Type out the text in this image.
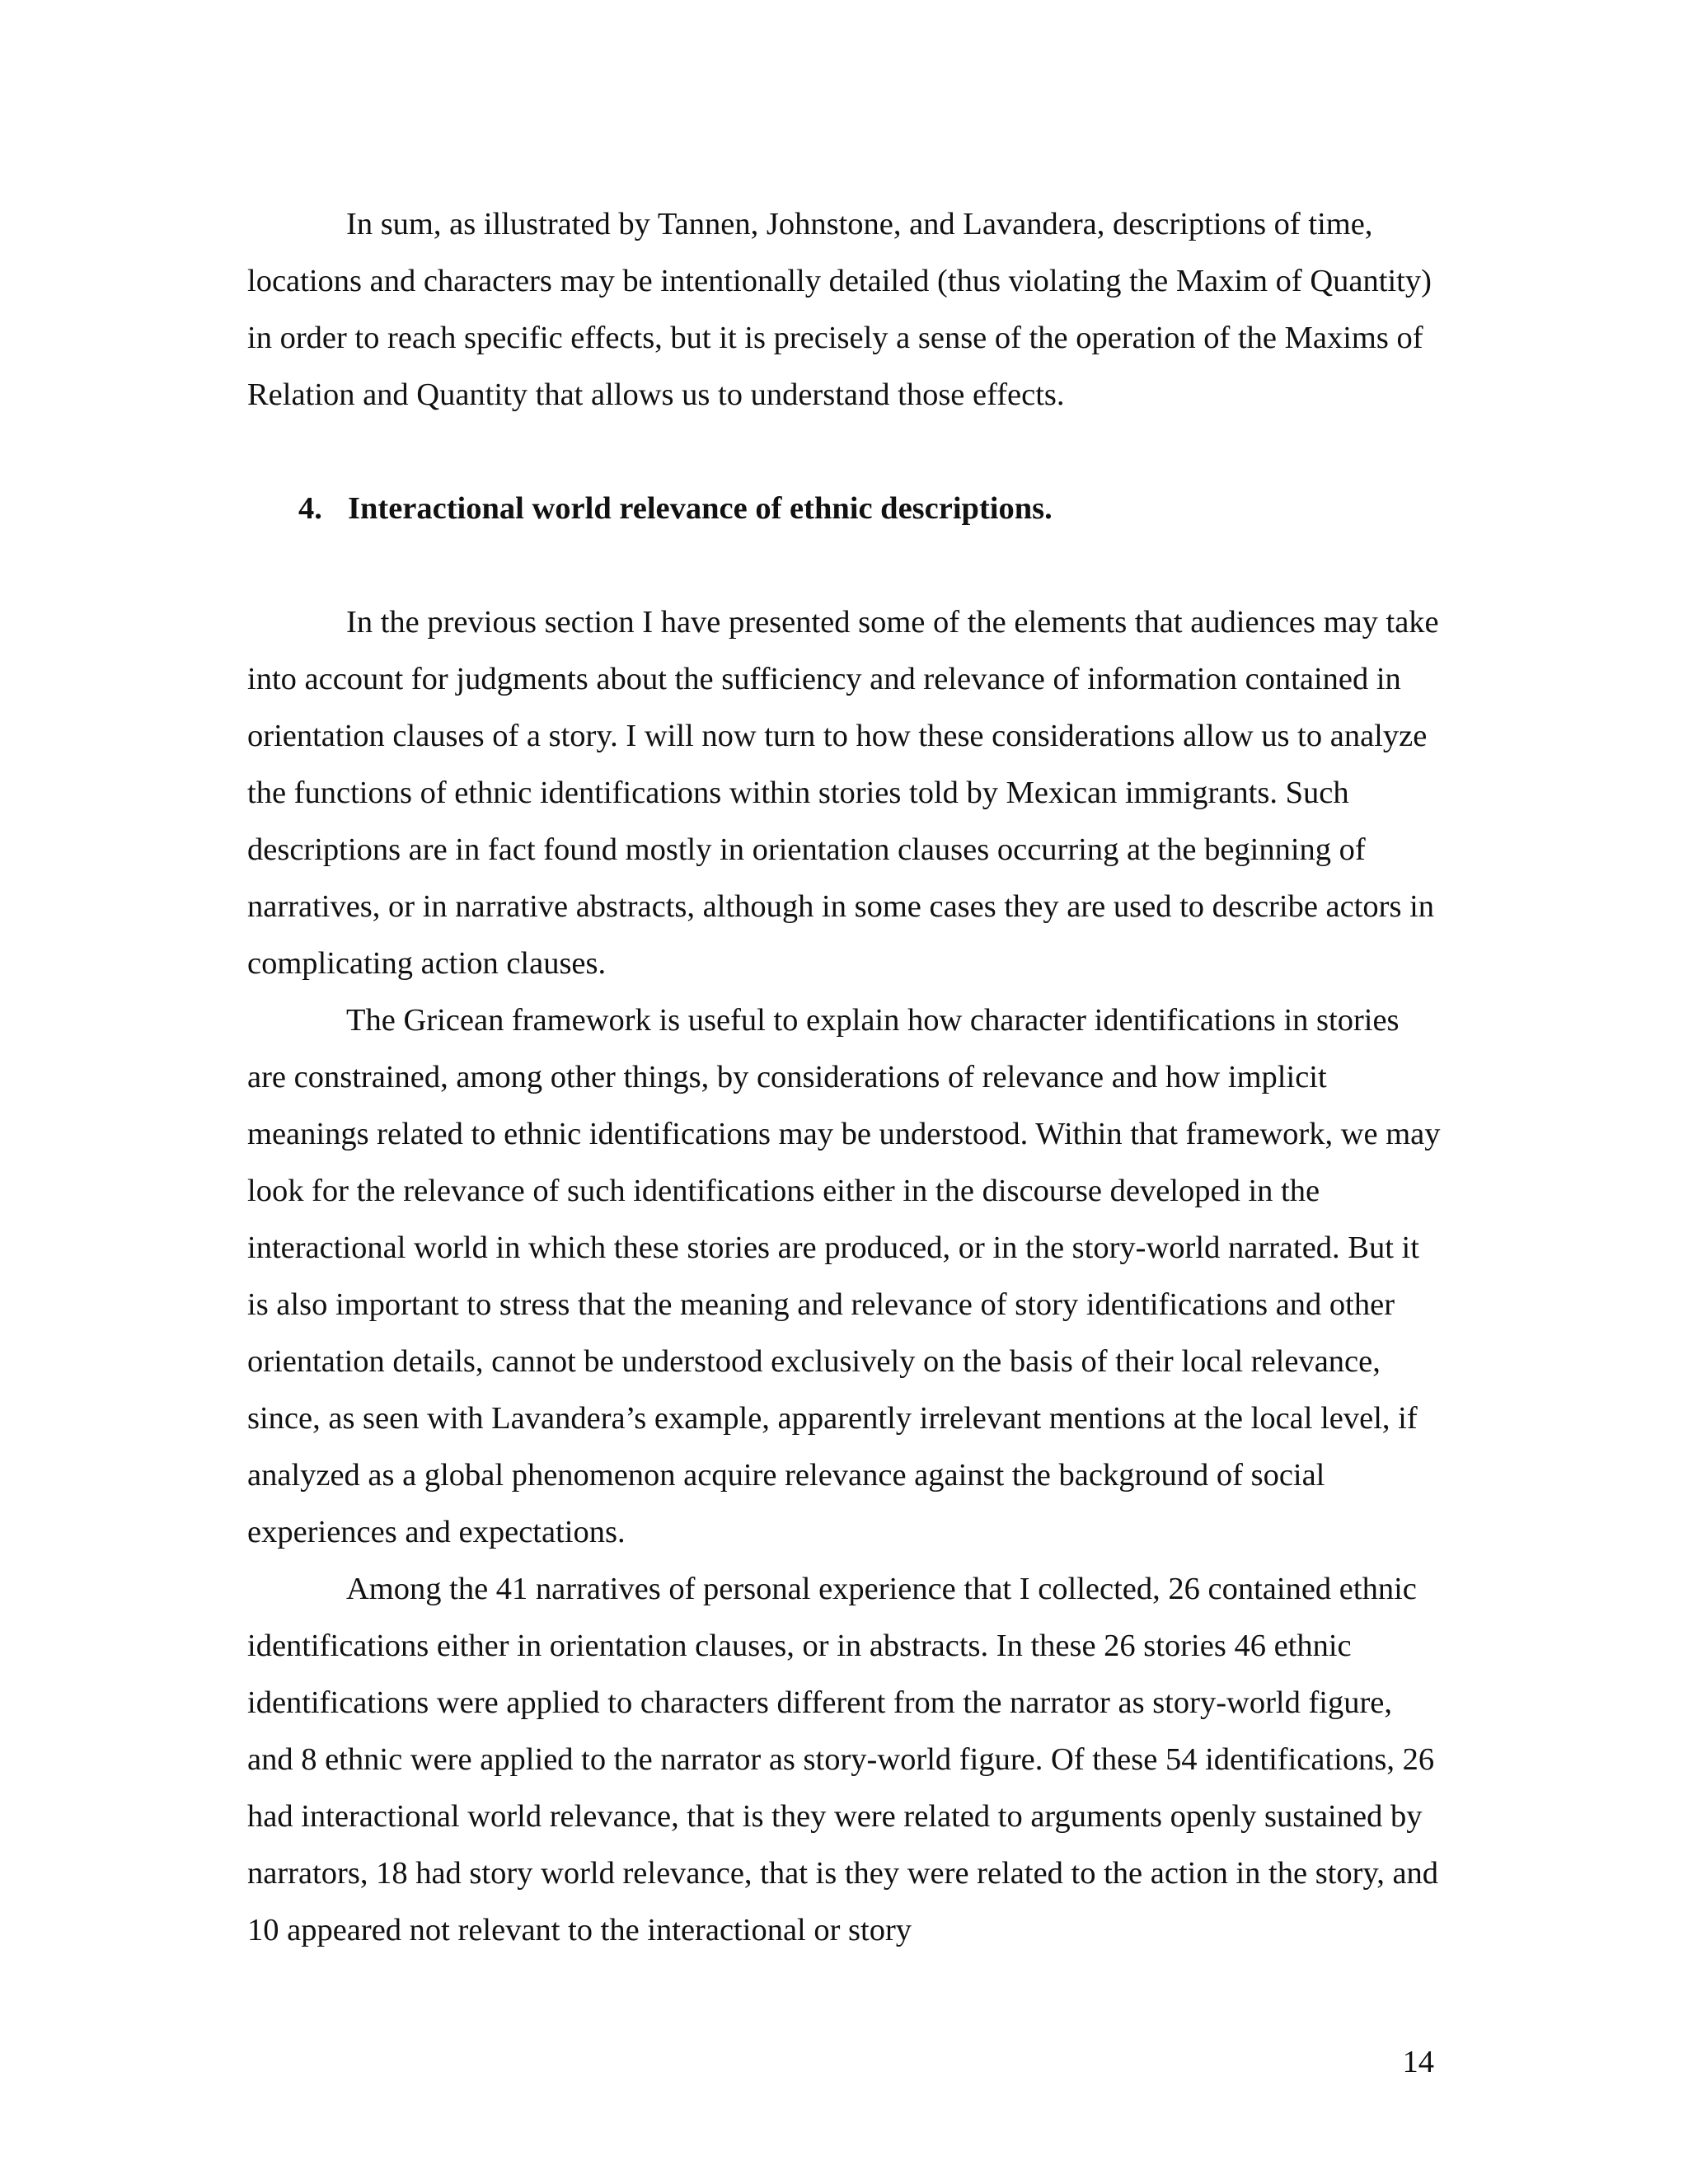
In sum, as illustrated by Tannen, Johnstone, and Lavandera, descriptions of time, locations and characters may be intentionally detailed (thus violating the Maxim of Quantity) in order to reach specific effects, but it is precisely a sense of the operation of the Maxims of Relation and Quantity that allows us to understand those effects.

4. Interactional world relevance of ethnic descriptions.

In the previous section I have presented some of the elements that audiences may take into account for judgments about the sufficiency and relevance of information contained in orientation clauses of a story. I will now turn to how these considerations allow us to analyze the functions of ethnic identifications within stories told by Mexican immigrants. Such descriptions are in fact found mostly in orientation clauses occurring at the beginning of narratives, or in narrative abstracts, although in some cases they are used to describe actors in complicating action clauses.

The Gricean framework is useful to explain how character identifications in stories are constrained, among other things, by considerations of relevance and how implicit meanings related to ethnic identifications may be understood. Within that framework, we may look for the relevance of such identifications either in the discourse developed in the interactional world in which these stories are produced, or in the story-world narrated. But it is also important to stress that the meaning and relevance of story identifications and other orientation details, cannot be understood exclusively on the basis of their local relevance, since, as seen with Lavandera’s example, apparently irrelevant mentions at the local level, if analyzed as a global phenomenon acquire relevance against the background of social experiences and expectations.

Among the 41 narratives of personal experience that I collected, 26 contained ethnic identifications either in orientation clauses, or in abstracts. In these 26 stories 46 ethnic identifications were applied to characters different from the narrator as story-world figure, and 8 ethnic were applied to the narrator as story-world figure. Of these 54 identifications, 26 had interactional world relevance, that is they were related to arguments openly sustained by narrators, 18 had story world relevance, that is they were related to the action in the story, and 10 appeared not relevant to the interactional or story

14
